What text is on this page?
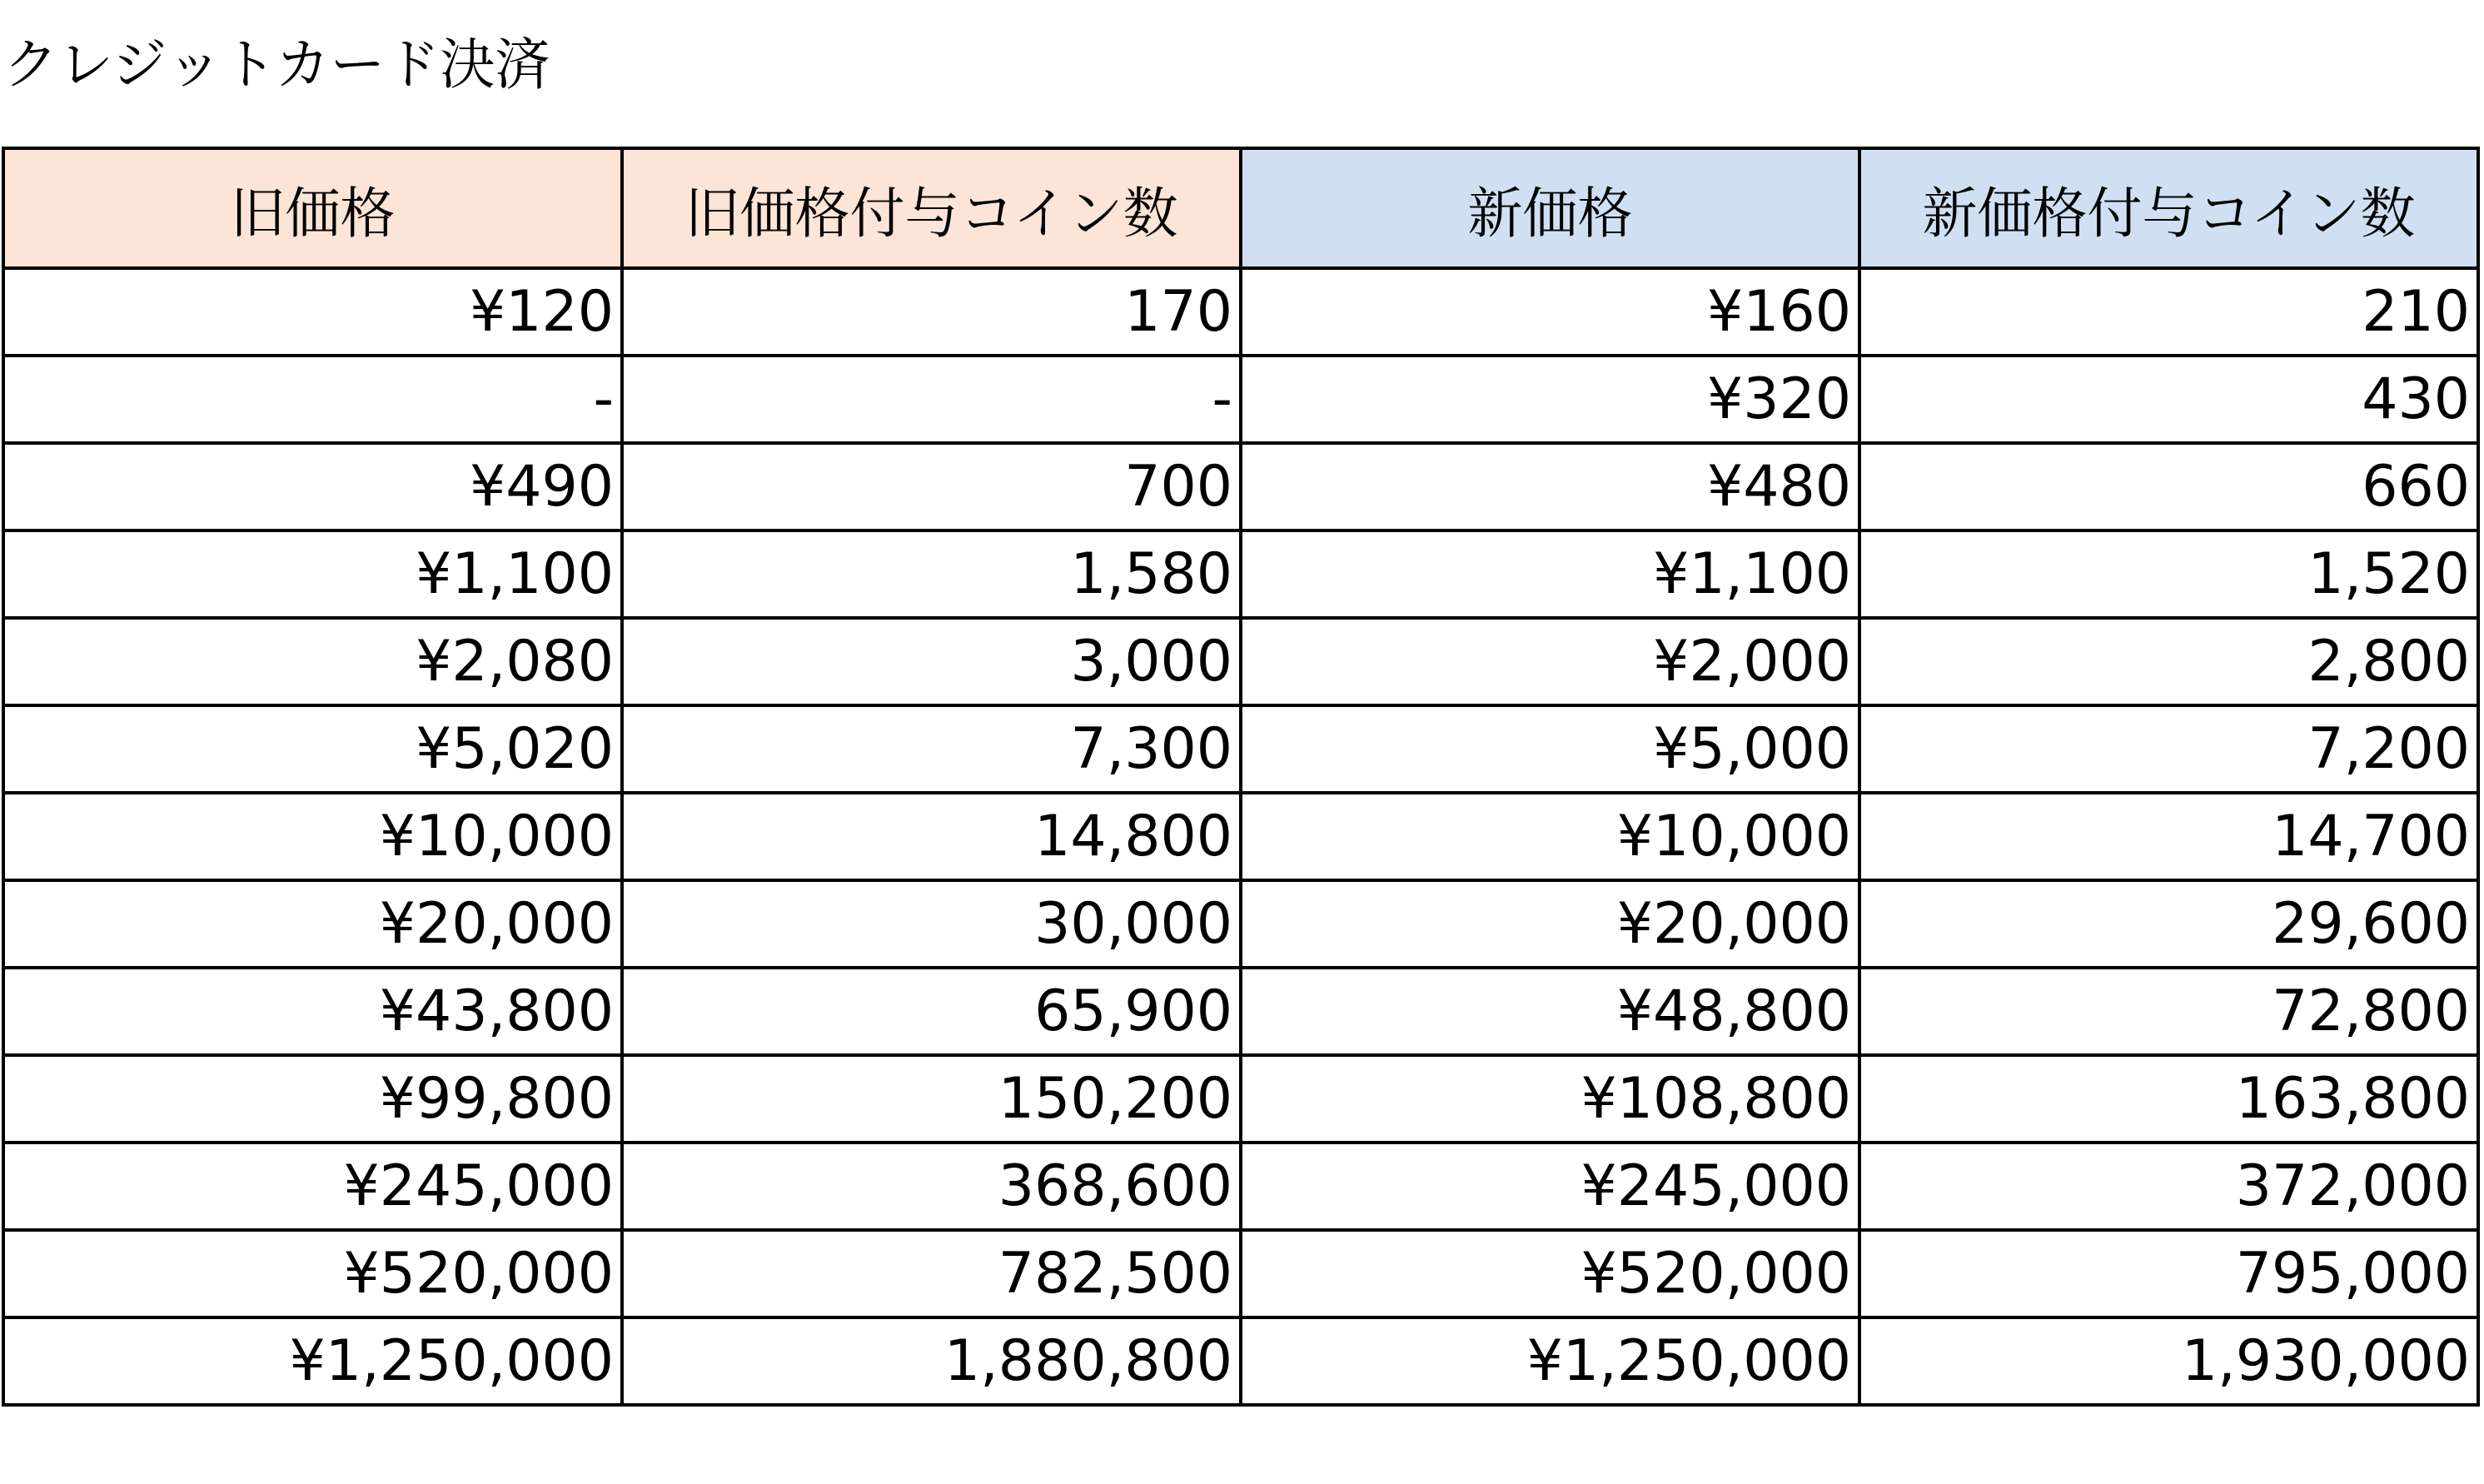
クレジットカード決済
旧価格	旧価格付与コイン数	新価格	新価格付与コイン数
¥120	170	¥160	210
-	-	¥320	430
¥490	700	¥480	660
¥1,100	1,580	¥1,100	1,520
¥2,080	3,000	¥2,000	2,800
¥5,020	7,300	¥5,000	7,200
¥10,000	14,800	¥10,000	14,700
¥20,000	30,000	¥20,000	29,600
¥43,800	65,900	¥48,800	72,800
¥99,800	150,200	¥108,800	163,800
¥245,000	368,600	¥245,000	372,000
¥520,000	782,500	¥520,000	795,000
¥1,250,000	1,880,800	¥1,250,000	1,930,000
